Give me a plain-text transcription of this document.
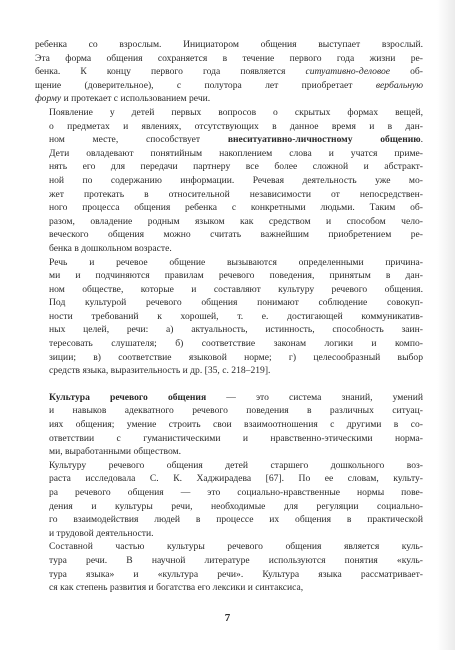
ребенка со взрослым. Инициатором общения выступает взрослый.
Эта форма общения сохраняется в течение первого года жизни ре-
бенка. К концу первого года появляется ситуативно-деловое об-
щение (доверительное), с полутора лет приобретает вербальную
форму и протекает с использованием речи.
Появление у детей первых вопросов о скрытых формах вещей,
о предметах и явлениях, отсутствующих в данное время и в дан-
ном месте, способствует внеситуативно-личностному общению.
Дети овладевают понятийным накоплением слова и учатся приме-
нять его для передачи партнеру все более сложной и абстракт-
ной по содержанию информации. Речевая деятельность уже мо-
жет протекать в относительной независимости от непосредствен-
ного процесса общения ребенка с конкретными людьми. Таким об-
разом, овладение родным языком как средством и способом чело-
веческого общения можно считать важнейшим приобретением ре-
бенка в дошкольном возрасте.
Речь и речевое общение вызываются определенными причина-
ми и подчиняются правилам речевого поведения, принятым в дан-
ном обществе, которые и составляют культуру речевого общения.
Под культурой речевого общения понимают соблюдение совокуп-
ности требований к хорошей, т. е. достигающей коммуникатив-
ных целей, речи: а) актуальность, истинность, способность заин-
тересовать слушателя; б) соответствие законам логики и компо-
зиции; в) соответствие языковой норме; г) целесообразный выбор
средств языка, выразительность и др. [35, с. 218–219].
Культура речевого общения — это система знаний, умений
и навыков адекватного речевого поведения в различных ситуац-
иях общения; умение строить свои взаимоотношения с другими в со-
ответствии с гуманистическими и нравственно-этическими норма-
ми, выработанными обществом.
Культуру речевого общения детей старшего дошкольного воз-
раста исследовала С. К. Хаджирадева [67]. По ее словам, культу-
ра речевого общения — это социально-нравственные нормы пове-
дения и культуры речи, необходимые для регуляции социально-
го взаимодействия людей в процессе их общения в практической
и трудовой деятельности.
Составной частью культуры речевого общения является куль-
тура речи. В научной литературе используются понятия «куль-
тура языка» и «культура речи». Культура языка рассматривает-
ся как степень развития и богатства его лексики и синтаксиса,
7
